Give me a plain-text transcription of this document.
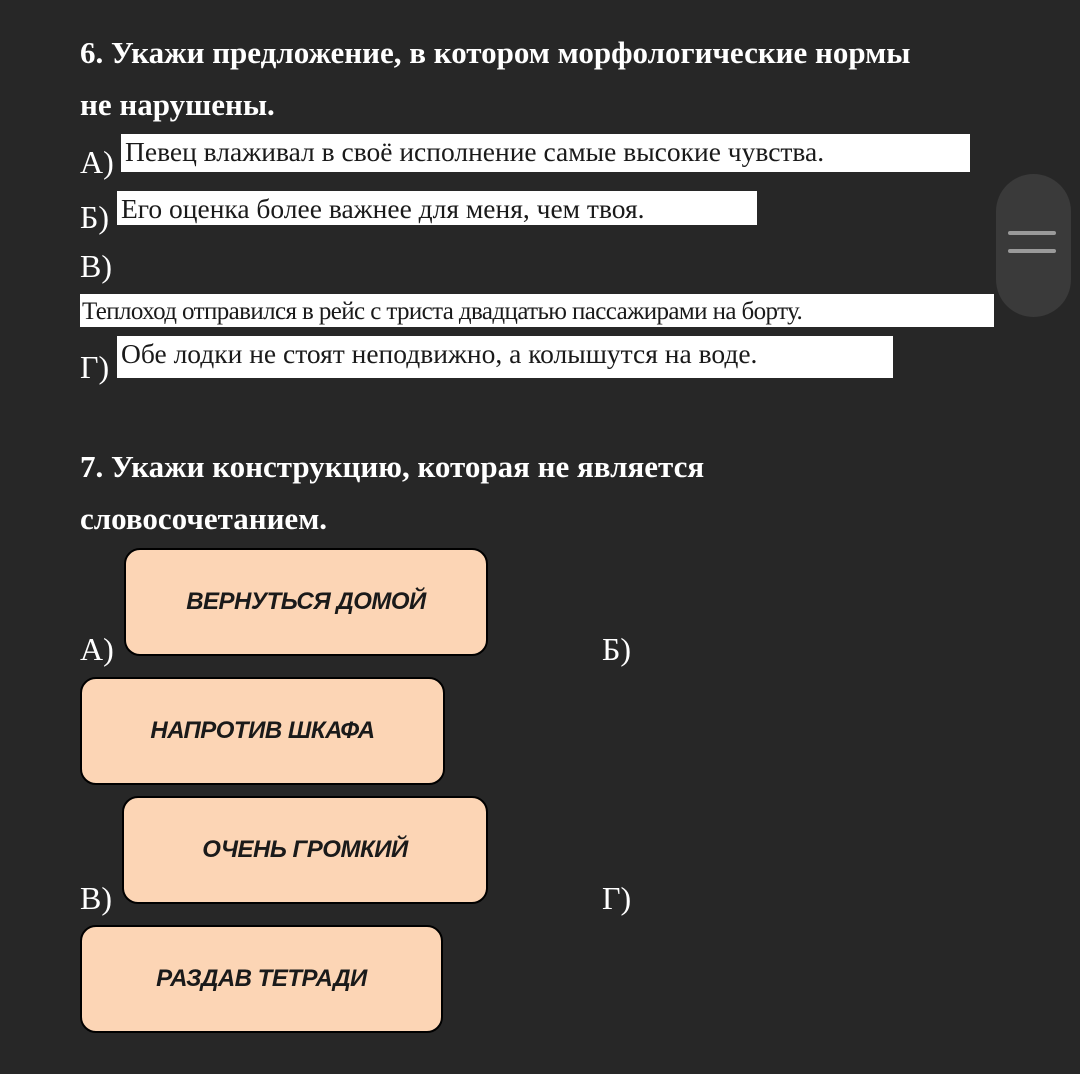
6. Укажи предложение, в котором морфологические нормы
не нарушены.
А) Певец влаживал в своё исполнение самые высокие чувства.
Б) Его оценка более важнее для меня, чем твоя.
В)
Теплоход отправился в рейс с триста двадцатью пассажирами на борту.
Г) Обе лодки не стоят неподвижно, а колышутся на воде.
7. Укажи конструкцию, которая не является
словосочетанием.
ВЕРНУТЬСЯ ДОМОЙ
А)	Б)
НАПРОТИВ ШКАФА
ОЧЕНЬ ГРОМКИЙ
В)	Г)
РАЗДАВ ТЕТРАДИ
